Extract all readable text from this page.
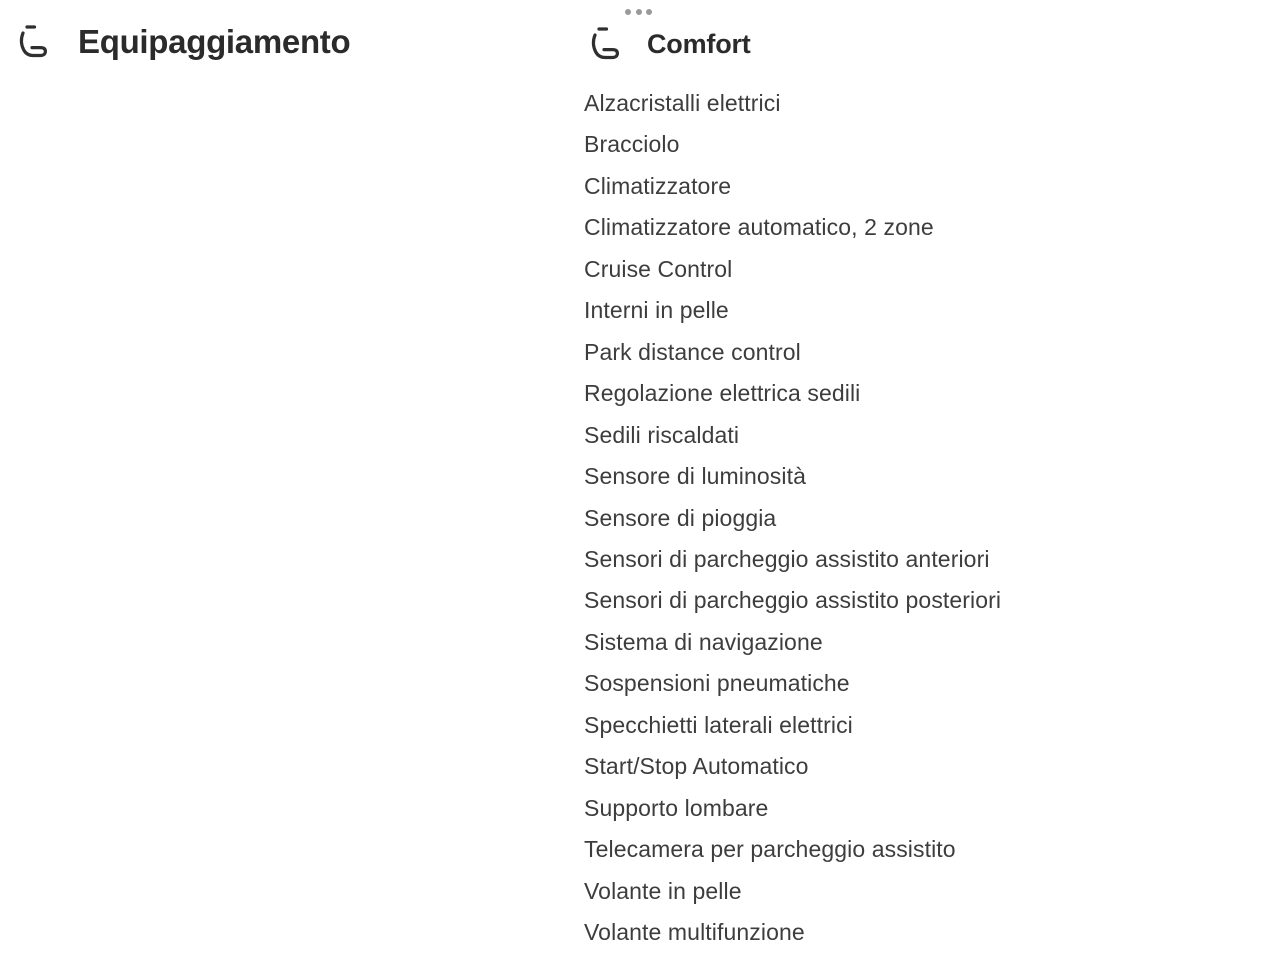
Equipaggiamento	Comfort
Alzacristalli elettrici
Bracciolo
Climatizzatore
Climatizzatore automatico, 2 zone
Cruise Control
Interni in pelle
Park distance control
Regolazione elettrica sedili
Sedili riscaldati
Sensore di luminosità
Sensore di pioggia
Sensori di parcheggio assistito anteriori
Sensori di parcheggio assistito posteriori
Sistema di navigazione
Sospensioni pneumatiche
Specchietti laterali elettrici
Start/Stop Automatico
Supporto lombare
Telecamera per parcheggio assistito
Volante in pelle
Volante multifunzione
